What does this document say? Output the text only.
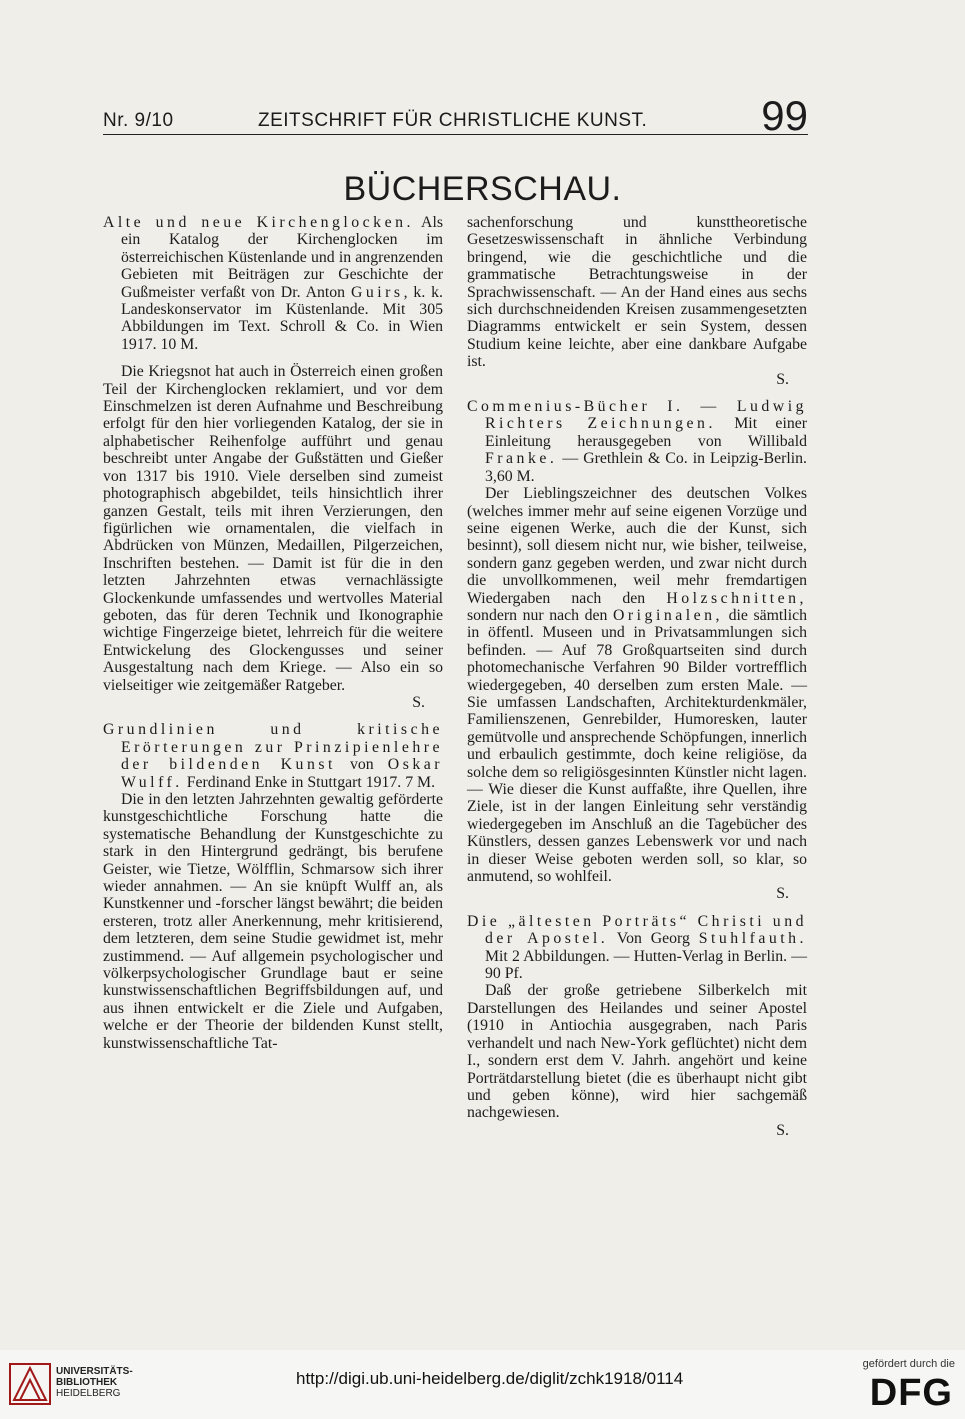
Nr. 9/10	ZEITSCHRIFT FÜR CHRISTLICHE KUNST.	99
BÜCHERSCHAU.

Alte und neue Kirchenglocken. Als ein Katalog der Kirchenglocken im österreichischen Küstenlande und in angrenzenden Gebieten mit Beiträgen zur Geschichte der Gußmeister verfaßt von Dr. Anton Guirs, k. k. Landeskonservator im Küstenlande. Mit 305 Abbildungen im Text. Schroll & Co. in Wien 1917. 10 M.

Die Kriegsnot hat auch in Österreich einen großen Teil der Kirchenglocken reklamiert, und vor dem Einschmelzen ist deren Aufnahme und Beschreibung erfolgt für den hier vorliegenden Katalog, der sie in alphabetischer Reihenfolge aufführt und genau beschreibt unter Angabe der Gußstätten und Gießer von 1317 bis 1910. Viele derselben sind zumeist photographisch abgebildet, teils hinsichtlich ihrer ganzen Gestalt, teils mit ihren Verzierungen, den figürlichen wie ornamentalen, die vielfach in Abdrücken von Münzen, Medaillen, Pilgerzeichen, Inschriften bestehen. — Damit ist für die in den letzten Jahrzehnten etwas vernachlässigte Glockenkunde umfassendes und wertvolles Material geboten, das für deren Technik und Ikonographie wichtige Fingerzeige bietet, lehrreich für die weitere Entwickelung des Glockengusses und seiner Ausgestaltung nach dem Kriege. — Also ein so vielseitiger wie zeitgemäßer Ratgeber.

S.

Grundlinien und kritische Erörterungen zur Prinzipienlehre der bildenden Kunst von Oskar Wulff. Ferdinand Enke in Stuttgart 1917. 7 M.

Die in den letzten Jahrzehnten gewaltig geförderte kunstgeschichtliche Forschung hatte die systematische Behandlung der Kunstgeschichte zu stark in den Hintergrund gedrängt, bis berufene Geister, wie Tietze, Wölfflin, Schmarsow sich ihrer wieder annahmen. — An sie knüpft Wulff an, als Kunstkenner und -forscher längst bewährt; die beiden ersteren, trotz aller Anerkennung, mehr kritisierend, dem letzteren, dem seine Studie gewidmet ist, mehr zustimmend. — Auf allgemein psychologischer und völkerpsychologischer Grundlage baut er seine kunstwissenschaftlichen Begriffsbildungen auf, und aus ihnen entwickelt er die Ziele und Aufgaben, welche er der Theorie der bildenden Kunst stellt, kunstwissenschaftliche Tat-

sachenforschung und kunsttheoretische Gesetzeswissenschaft in ähnliche Verbindung bringend, wie die geschichtliche und die grammatische Betrachtungsweise in der Sprachwissenschaft. — An der Hand eines aus sechs sich durchschneidenden Kreisen zusammengesetzten Diagramms entwickelt er sein System, dessen Studium keine leichte, aber eine dankbare Aufgabe ist.

S.

Commenius-Bücher I. — Ludwig Richters Zeichnungen. Mit einer Einleitung herausgegeben von Willibald Franke. — Grethlein & Co. in Leipzig-Berlin. 3,60 M.

Der Lieblingszeichner des deutschen Volkes (welches immer mehr auf seine eigenen Vorzüge und seine eigenen Werke, auch die der Kunst, sich besinnt), soll diesem nicht nur, wie bisher, teilweise, sondern ganz gegeben werden, und zwar nicht durch die unvollkommenen, weil mehr fremdartigen Wiedergaben nach den Holzschnitten, sondern nur nach den Originalen, die sämtlich in öffentl. Museen und in Privatsammlungen sich befinden. — Auf 78 Großquartseiten sind durch photomechanische Verfahren 90 Bilder vortrefflich wiedergegeben, 40 derselben zum ersten Male. — Sie umfassen Landschaften, Architekturdenkmäler, Familienszenen, Genrebilder, Humoresken, lauter gemütvolle und ansprechende Schöpfungen, innerlich und erbaulich gestimmte, doch keine religiöse, da solche dem so religiösgesinnten Künstler nicht lagen. — Wie dieser die Kunst auffaßte, ihre Quellen, ihre Ziele, ist in der langen Einleitung sehr verständig wiedergegeben im Anschluß an die Tagebücher des Künstlers, dessen ganzes Lebenswerk vor und nach in dieser Weise geboten werden soll, so klar, so anmutend, so wohlfeil.

S.

Die „ältesten Porträts“ Christi und der Apostel. Von Georg Stuhlfauth. Mit 2 Abbildungen. — Hutten-Verlag in Berlin. — 90 Pf.

Daß der große getriebene Silberkelch mit Darstellungen des Heilandes und seiner Apostel (1910 in Antiochia ausgegraben, nach Paris verhandelt und nach New-York geflüchtet) nicht dem I., sondern erst dem V. Jahrh. angehört und keine Porträtdarstellung bietet (die es überhaupt nicht gibt und geben könne), wird hier sachgemäß nachgewiesen.

S.

UNIVERSITÄTS-
BIBLIOTHEK
HEIDELBERG
http://digi.ub.uni-heidelberg.de/diglit/zchk1918/0114
gefördert durch die
DFG
